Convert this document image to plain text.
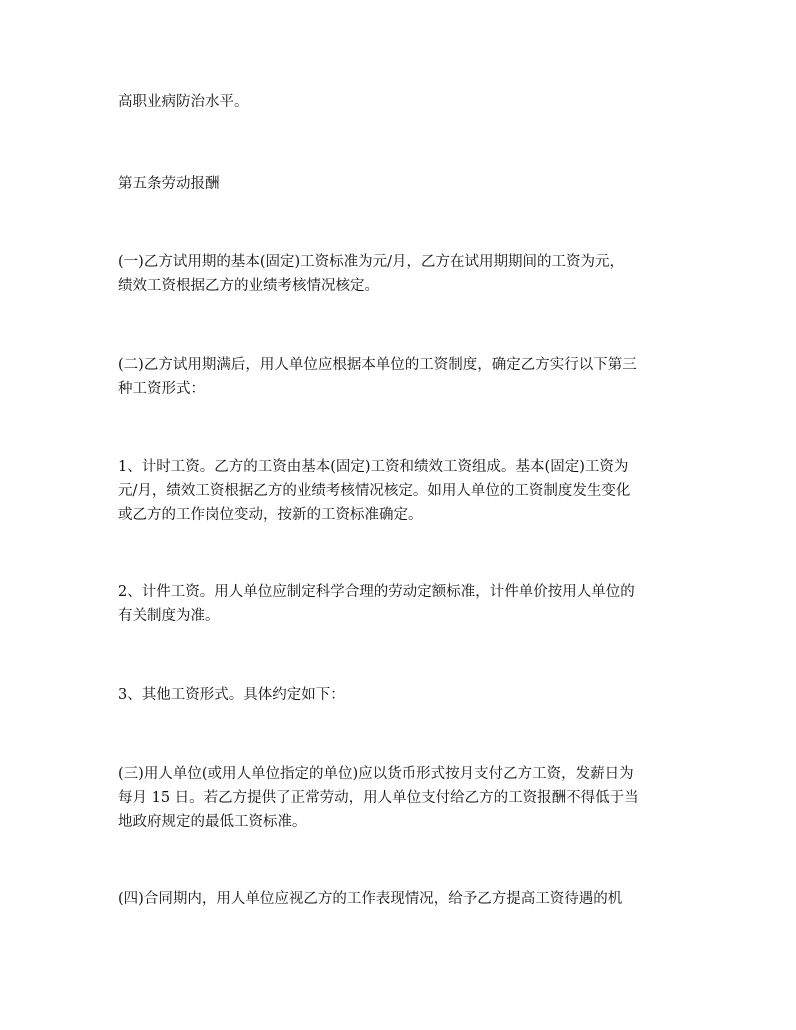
高职业病防治水平。

第五条劳动报酬

(一)乙方试用期的基本(固定)工资标准为元/月，乙方在试用期期间的工资为元，
绩效工资根据乙方的业绩考核情况核定。

(二)乙方试用期满后，用人单位应根据本单位的工资制度，确定乙方实行以下第三
种工资形式：

1、计时工资。乙方的工资由基本(固定)工资和绩效工资组成。基本(固定)工资为
元/月，绩效工资根据乙方的业绩考核情况核定。如用人单位的工资制度发生变化
或乙方的工作岗位变动，按新的工资标准确定。

2、计件工资。用人单位应制定科学合理的劳动定额标准，计件单价按用人单位的
有关制度为准。

3、其他工资形式。具体约定如下：

(三)用人单位(或用人单位指定的单位)应以货币形式按月支付乙方工资，发薪日为
每月 15 日。若乙方提供了正常劳动，用人单位支付给乙方的工资报酬不得低于当
地政府规定的最低工资标准。

(四)合同期内，用人单位应视乙方的工作表现情况，给予乙方提高工资待遇的机
